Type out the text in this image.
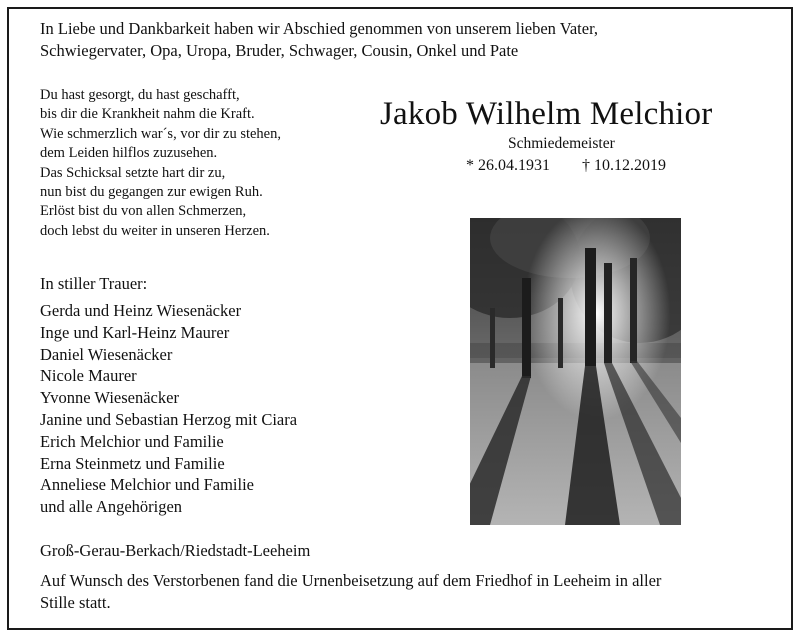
In Liebe und Dankbarkeit haben wir Abschied genommen von unserem lieben Vater,
Schwiegervater, Opa, Uropa, Bruder, Schwager, Cousin, Onkel und Pate
Du hast gesorgt, du hast geschafft,
bis dir die Krankheit nahm die Kraft.
Wie schmerzlich war´s, vor dir zu stehen,
dem Leiden hilflos zuzusehen.
Das Schicksal setzte hart dir zu,
nun bist du gegangen zur ewigen Ruh.
Erlöst bist du von allen Schmerzen,
doch lebst du weiter in unseren Herzen.
Jakob Wilhelm Melchior
Schmiedemeister
* 26.04.1931 † 10.12.2019
In stiller Trauer:
Gerda und Heinz Wiesenäcker
Inge und Karl-Heinz Maurer
Daniel Wiesenäcker
Nicole Maurer
Yvonne Wiesenäcker
Janine und Sebastian Herzog mit Ciara
Erich Melchior und Familie
Erna Steinmetz und Familie
Anneliese Melchior und Familie
und alle Angehörigen
Groß-Gerau-Berkach/Riedstadt-Leeheim
Auf Wunsch des Verstorbenen fand die Urnenbeisetzung auf dem Friedhof in Leeheim in aller
Stille statt.
